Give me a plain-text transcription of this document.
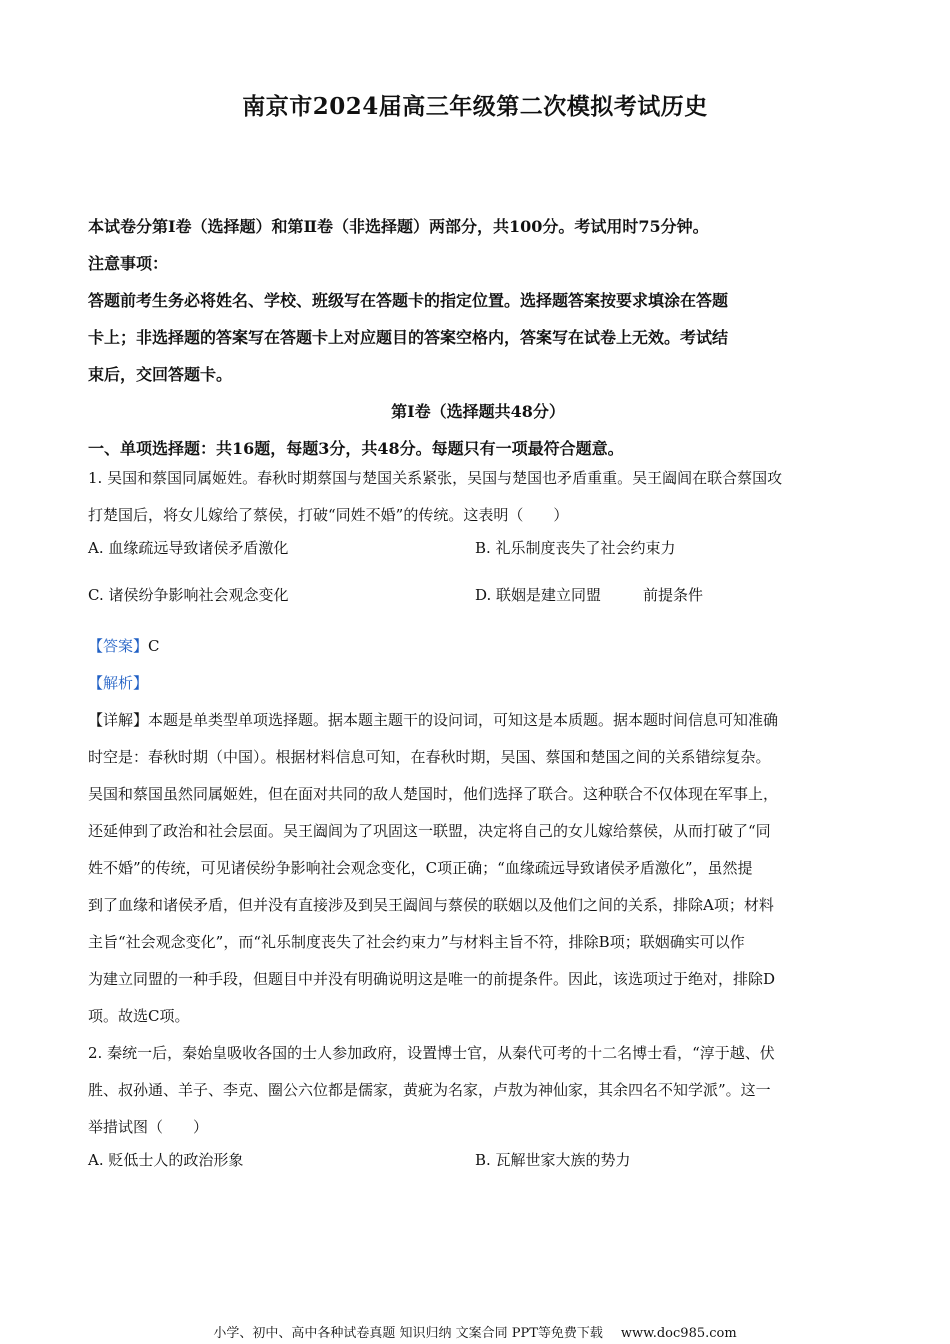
南京市2024届高三年级第二次模拟考试历史

本试卷分第Ⅰ卷（选择题）和第Ⅱ卷（非选择题）两部分，共100分。考试用时75分钟。

注意事项：

答题前考生务必将姓名、学校、班级写在答题卡的指定位置。选择题答案按要求填涂在答题

卡上；非选择题的答案写在答题卡上对应题目的答案空格内，答案写在试卷上无效。考试结

束后，交回答题卡。

第Ⅰ卷（选择题共48分）

一、单项选择题：共16题，每题3分，共48分。每题只有一项最符合题意。

1. 吴国和蔡国同属姬姓。春秋时期蔡国与楚国关系紧张，吴国与楚国也矛盾重重。吴王阖闾在联合蔡国攻

打楚国后，将女儿嫁给了蔡侯，打破“同姓不婚”的传统。这表明（　　）

A. 血缘疏远导致诸侯矛盾激化	B. 礼乐制度丧失了社会约束力
C. 诸侯纷争影响社会观念变化	D. 联姻是建立同盟	前提条件

【答案】C

【解析】

【详解】本题是单类型单项选择题。据本题主题干的设问词，可知这是本质题。据本题时间信息可知准确

时空是：春秋时期（中国）。根据材料信息可知，在春秋时期，吴国、蔡国和楚国之间的关系错综复杂。

吴国和蔡国虽然同属姬姓，但在面对共同的敌人楚国时，他们选择了联合。这种联合不仅体现在军事上，

还延伸到了政治和社会层面。吴王阖闾为了巩固这一联盟，决定将自己的女儿嫁给蔡侯，从而打破了“同

姓不婚”的传统，可见诸侯纷争影响社会观念变化，C项正确；“血缘疏远导致诸侯矛盾激化”，虽然提

到了血缘和诸侯矛盾，但并没有直接涉及到吴王阖闾与蔡侯的联姻以及他们之间的关系，排除A项；材料

主旨“社会观念变化”，而“礼乐制度丧失了社会约束力”与材料主旨不符，排除B项；联姻确实可以作

为建立同盟的一种手段，但题目中并没有明确说明这是唯一的前提条件。因此，该选项过于绝对，排除D

项。故选C项。

2. 秦统一后，秦始皇吸收各国的士人参加政府，设置博士官，从秦代可考的十二名博士看，“淳于越、伏

胜、叔孙通、羊子、李克、圈公六位都是儒家，黄疵为名家，卢敖为神仙家，其余四名不知学派”。这一

举措试图（　　）

A. 贬低士人的政治形象	B. 瓦解世家大族的势力
小学、初中、高中各种试卷真题 知识归纳 文案合同 PPT等免费下载 www.doc985.com
